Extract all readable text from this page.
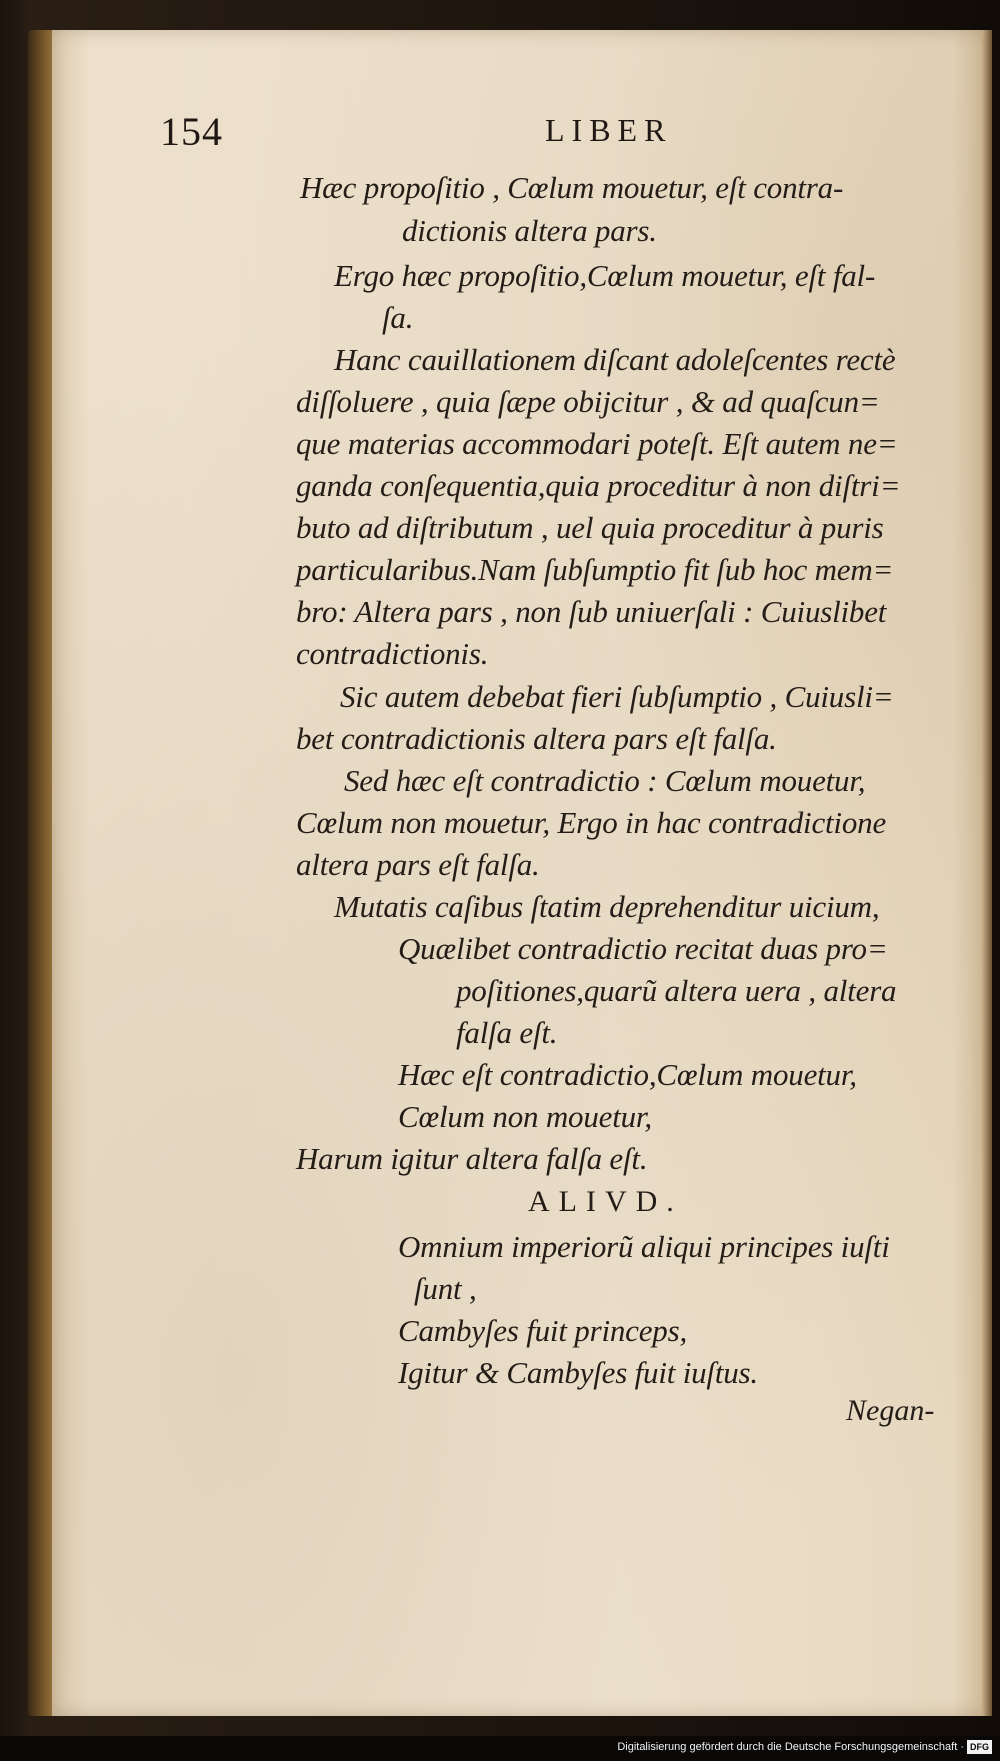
154	LIBER
Hæc propoſitio , Cœlum mouetur, eſt contra-
dictionis altera pars.
Ergo hæc propoſitio,Cœlum mouetur, eſt fal-
ſa.
Hanc cauillationem diſcant adoleſcentes rectè
diſſoluere , quia ſæpe obijcitur , & ad quaſcun=
que materias accommodari poteſt. Eſt autem ne=
ganda conſequentia,quia proceditur à non diſtri=
buto ad diſtributum , uel quia proceditur à puris
particularibus.Nam ſubſumptio fit ſub hoc mem=
bro: Altera pars , non ſub uniuerſali : Cuiuslibet
contradictionis.
Sic autem debebat fieri ſubſumptio , Cuiusli=
bet contradictionis altera pars eſt falſa.
Sed hæc eſt contradictio : Cœlum mouetur,
Cœlum non mouetur, Ergo in hac contradictione
altera pars eſt falſa.
Mutatis caſibus ſtatim deprehenditur uicium,
Quælibet contradictio recitat duas pro=
poſitiones,quarũ altera uera , altera
falſa eſt.
Hæc eſt contradictio,Cœlum mouetur,
Cœlum non mouetur,
Harum igitur altera falſa eſt.
ALIVD.
Omnium imperiorũ aliqui principes iuſti
ſunt ,
Cambyſes fuit princeps,
Igitur & Cambyſes fuit iuſtus.
Negan-
Digitalisierung gefördert durch die Deutsche Forschungsgemeinschaft · DFG
